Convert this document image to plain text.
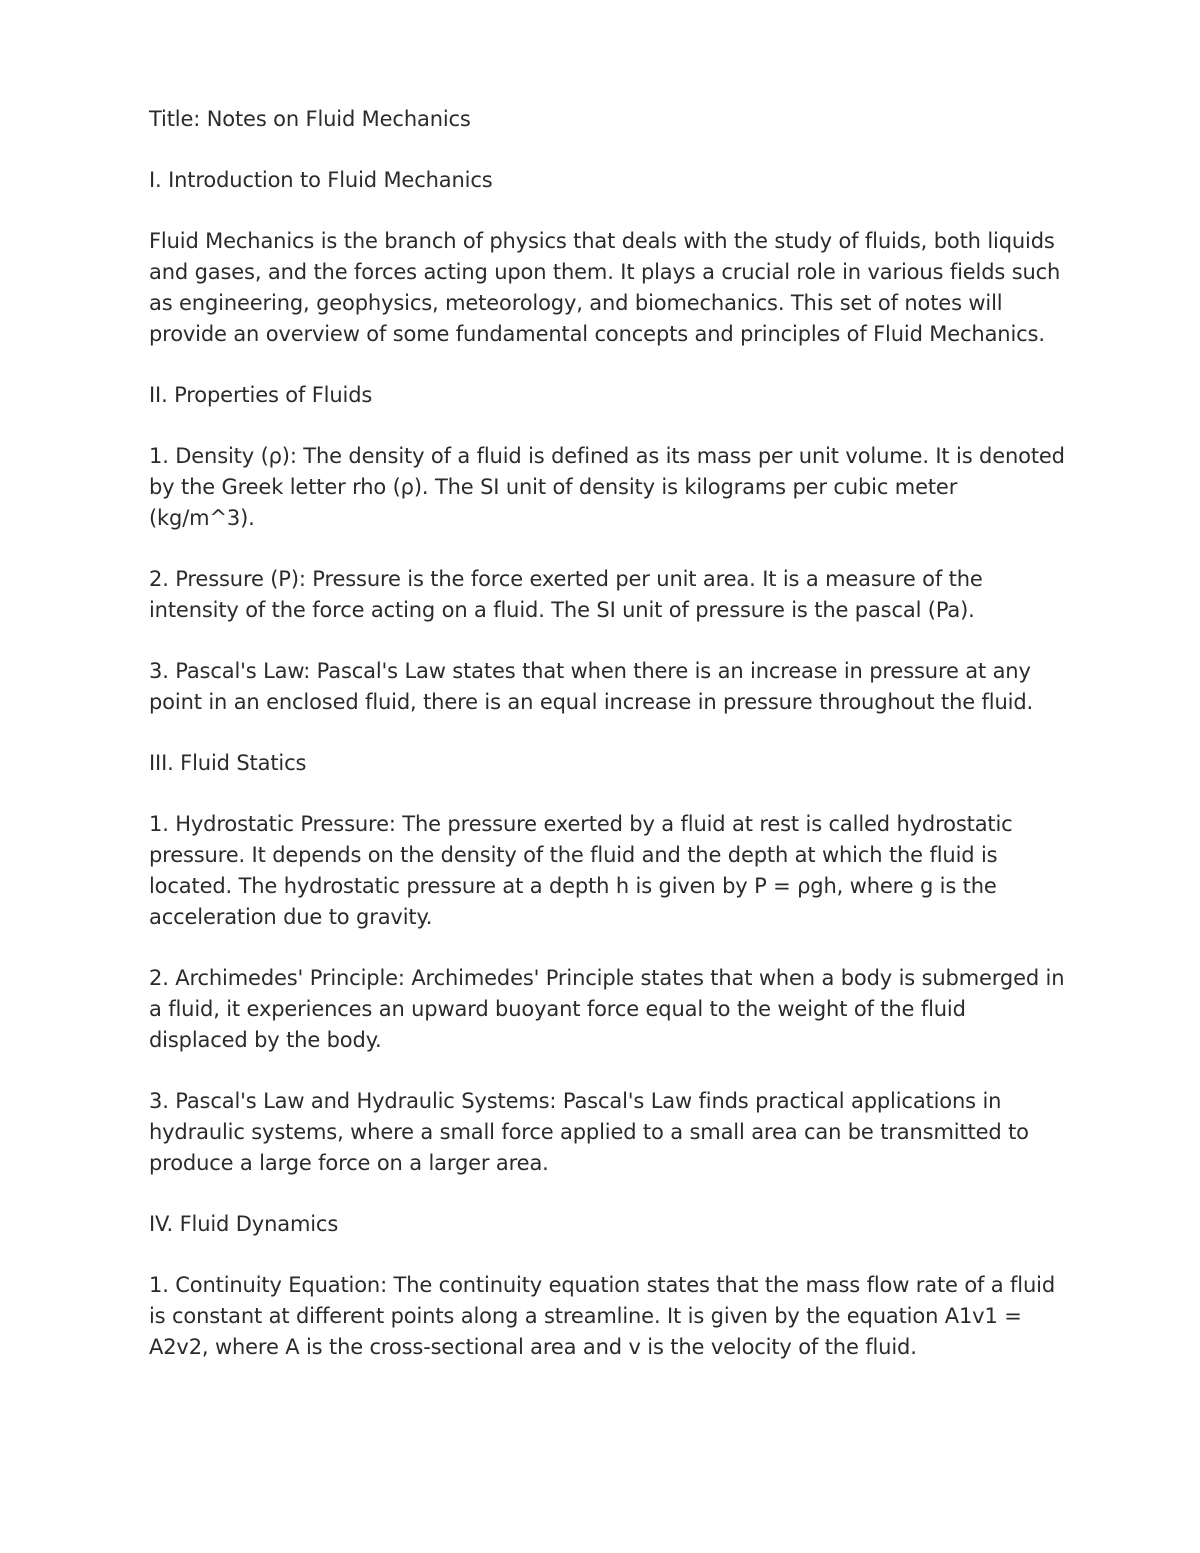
Title: Notes on Fluid Mechanics

I. Introduction to Fluid Mechanics

Fluid Mechanics is the branch of physics that deals with the study of fluids, both liquids and gases, and the forces acting upon them. It plays a crucial role in various fields such as engineering, geophysics, meteorology, and biomechanics. This set of notes will provide an overview of some fundamental concepts and principles of Fluid Mechanics.

II. Properties of Fluids

1. Density (ρ): The density of a fluid is defined as its mass per unit volume. It is denoted by the Greek letter rho (ρ). The SI unit of density is kilograms per cubic meter (kg/m^3).

2. Pressure (P): Pressure is the force exerted per unit area. It is a measure of the intensity of the force acting on a fluid. The SI unit of pressure is the pascal (Pa).

3. Pascal's Law: Pascal's Law states that when there is an increase in pressure at any point in an enclosed fluid, there is an equal increase in pressure throughout the fluid.

III. Fluid Statics

1. Hydrostatic Pressure: The pressure exerted by a fluid at rest is called hydrostatic pressure. It depends on the density of the fluid and the depth at which the fluid is located. The hydrostatic pressure at a depth h is given by P = ρgh, where g is the acceleration due to gravity.

2. Archimedes' Principle: Archimedes' Principle states that when a body is submerged in a fluid, it experiences an upward buoyant force equal to the weight of the fluid displaced by the body.

3. Pascal's Law and Hydraulic Systems: Pascal's Law finds practical applications in hydraulic systems, where a small force applied to a small area can be transmitted to produce a large force on a larger area.

IV. Fluid Dynamics

1. Continuity Equation: The continuity equation states that the mass flow rate of a fluid is constant at different points along a streamline. It is given by the equation A1v1 = A2v2, where A is the cross-sectional area and v is the velocity of the fluid.
